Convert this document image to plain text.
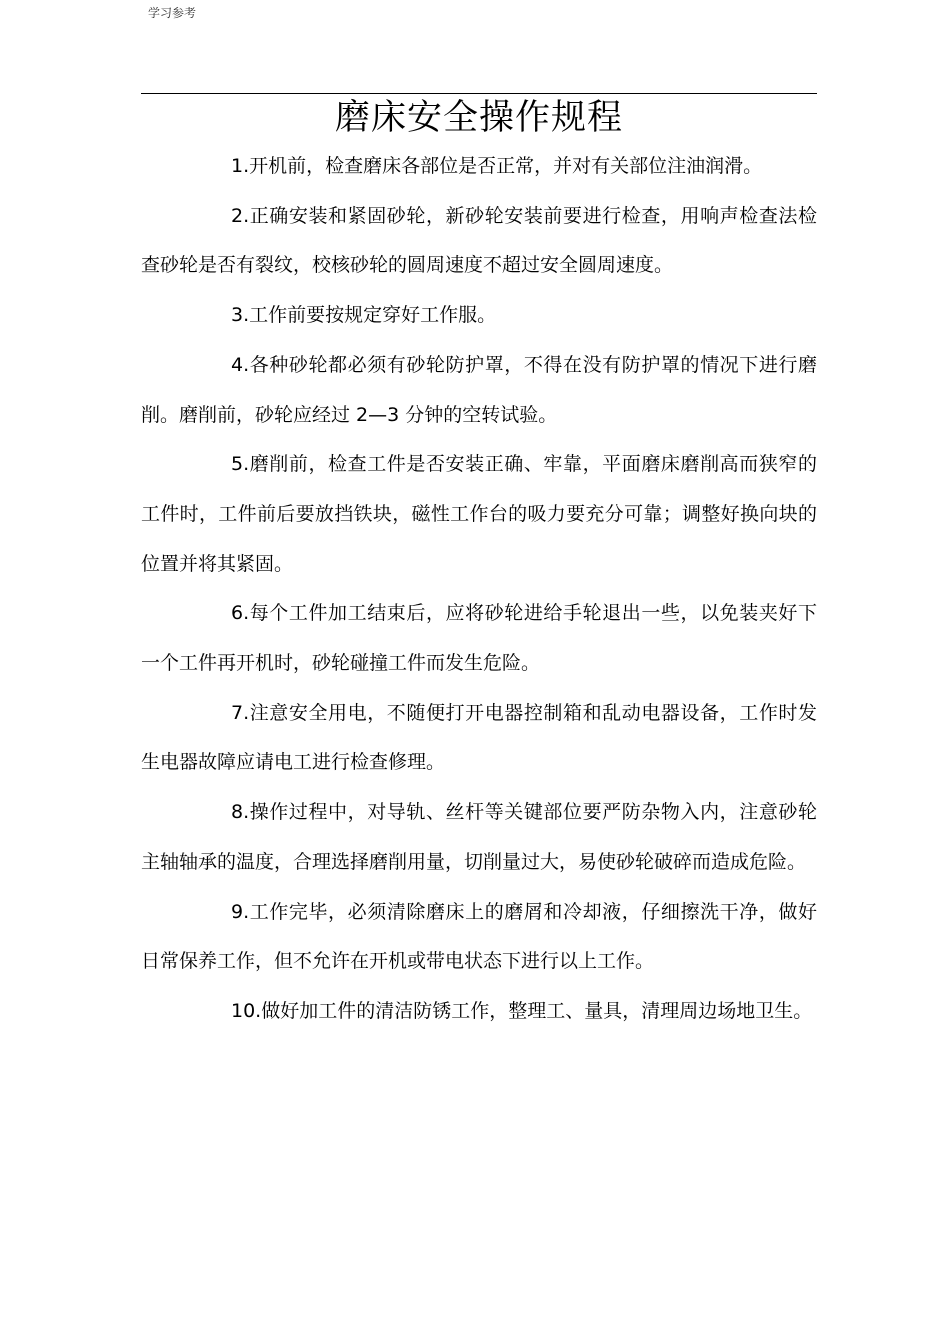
学习参考
磨床安全操作规程

1.开机前，检查磨床各部位是否正常，并对有关部位注油润滑。

2.正确安装和紧固砂轮，新砂轮安装前要进行检查，用响声检查法检查砂轮是否有裂纹，校核砂轮的圆周速度不超过安全圆周速度。

3.工作前要按规定穿好工作服。

4.各种砂轮都必须有砂轮防护罩，不得在没有防护罩的情况下进行磨削。磨削前，砂轮应经过 2—3 分钟的空转试验。

5.磨削前，检查工件是否安装正确、牢靠，平面磨床磨削高而狭窄的工件时，工件前后要放挡铁块，磁性工作台的吸力要充分可靠；调整好换向块的位置并将其紧固。

6.每个工件加工结束后，应将砂轮进给手轮退出一些，以免装夹好下一个工件再开机时，砂轮碰撞工件而发生危险。

7.注意安全用电，不随便打开电器控制箱和乱动电器设备，工作时发生电器故障应请电工进行检查修理。

8.操作过程中，对导轨、丝杆等关键部位要严防杂物入内，注意砂轮主轴轴承的温度，合理选择磨削用量，切削量过大，易使砂轮破碎而造成危险。

9.工作完毕，必须清除磨床上的磨屑和冷却液，仔细擦洗干净，做好日常保养工作，但不允许在开机或带电状态下进行以上工作。

10.做好加工件的清洁防锈工作，整理工、量具，清理周边场地卫生。
